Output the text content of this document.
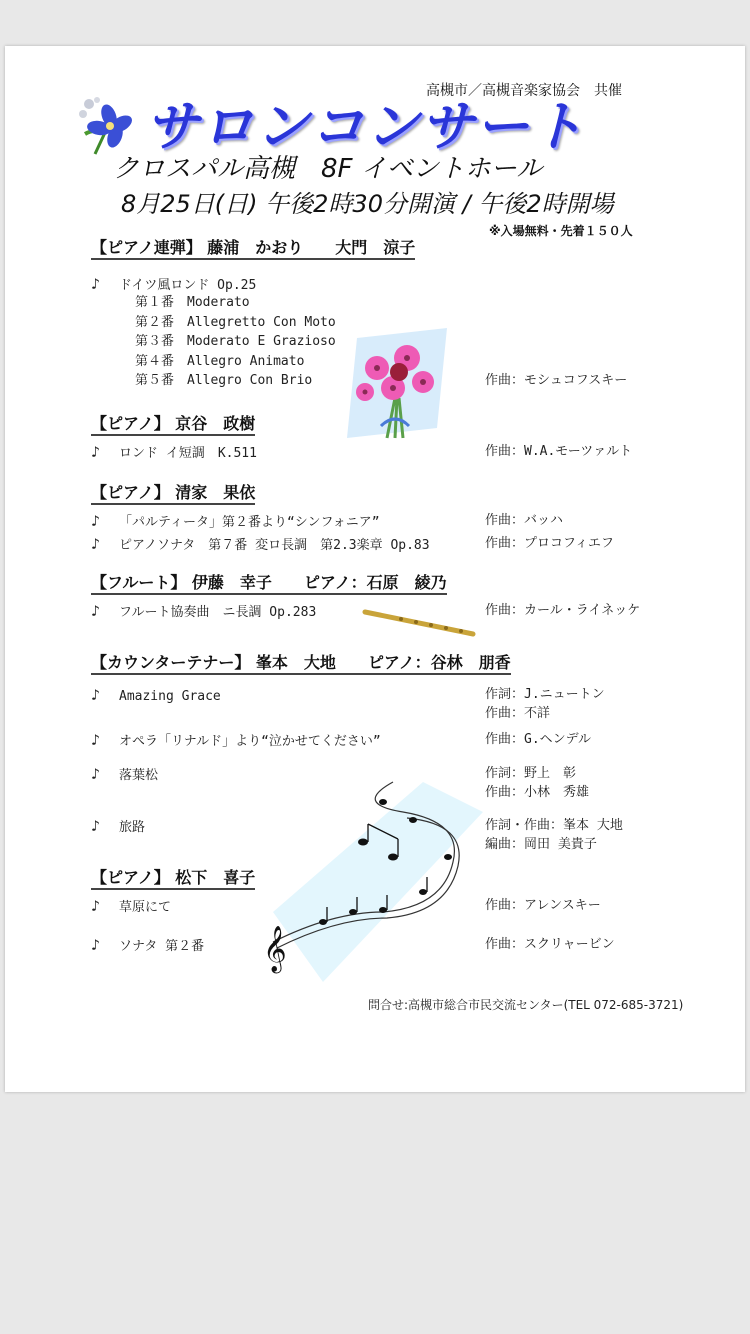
高槻市／高槻音楽家協会　共催
サロンコンサート
クロスパル高槻　8F イベントホール
8月25日(日) 午後2時30分開演 / 午後2時開場
※入場無料・先着１５０人
𝄞
【ピアノ連弾】 藤浦　かおり　　大門　涼子
♪ ドイツ風ロンド Op.25
第１番　Moderato
第２番　Allegretto Con Moto
第３番　Moderato E Grazioso
第４番　Allegro Animato
第５番　Allegro Con Brio	作曲：モシュコフスキー
【ピアノ】 京谷　政樹
♪ ロンド イ短調　K.511	作曲：W.A.モーツァルト
【ピアノ】 清家　果依
♪ 「パルティータ」第２番より“シンフォニア”	作曲：バッハ
♪ ピアノソナタ　第７番 変ロ長調　第2.3楽章 Op.83	作曲：プロコフィエフ
【フルート】 伊藤　幸子　　ピアノ：石原　綾乃
♪ フルート協奏曲　ニ長調 Op.283	作曲：カール・ライネッケ
【カウンターテナー】 峯本　大地　　ピアノ：谷林　朋香
♪ Amazing Grace	作詞：J.ニュートン
作曲：不詳
♪ オペラ「リナルド」より“泣かせてください”	作曲：G.ヘンデル
♪ 落葉松	作詞：野上　彰
作曲：小林　秀雄
♪ 旅路	作詞・作曲：峯本 大地
編曲：岡田 美貴子
【ピアノ】 松下　喜子
♪ 草原にて	作曲：アレンスキー
♪ ソナタ 第２番	作曲：スクリャービン
問合せ:高槻市総合市民交流センター(TEL 072-685-3721)
